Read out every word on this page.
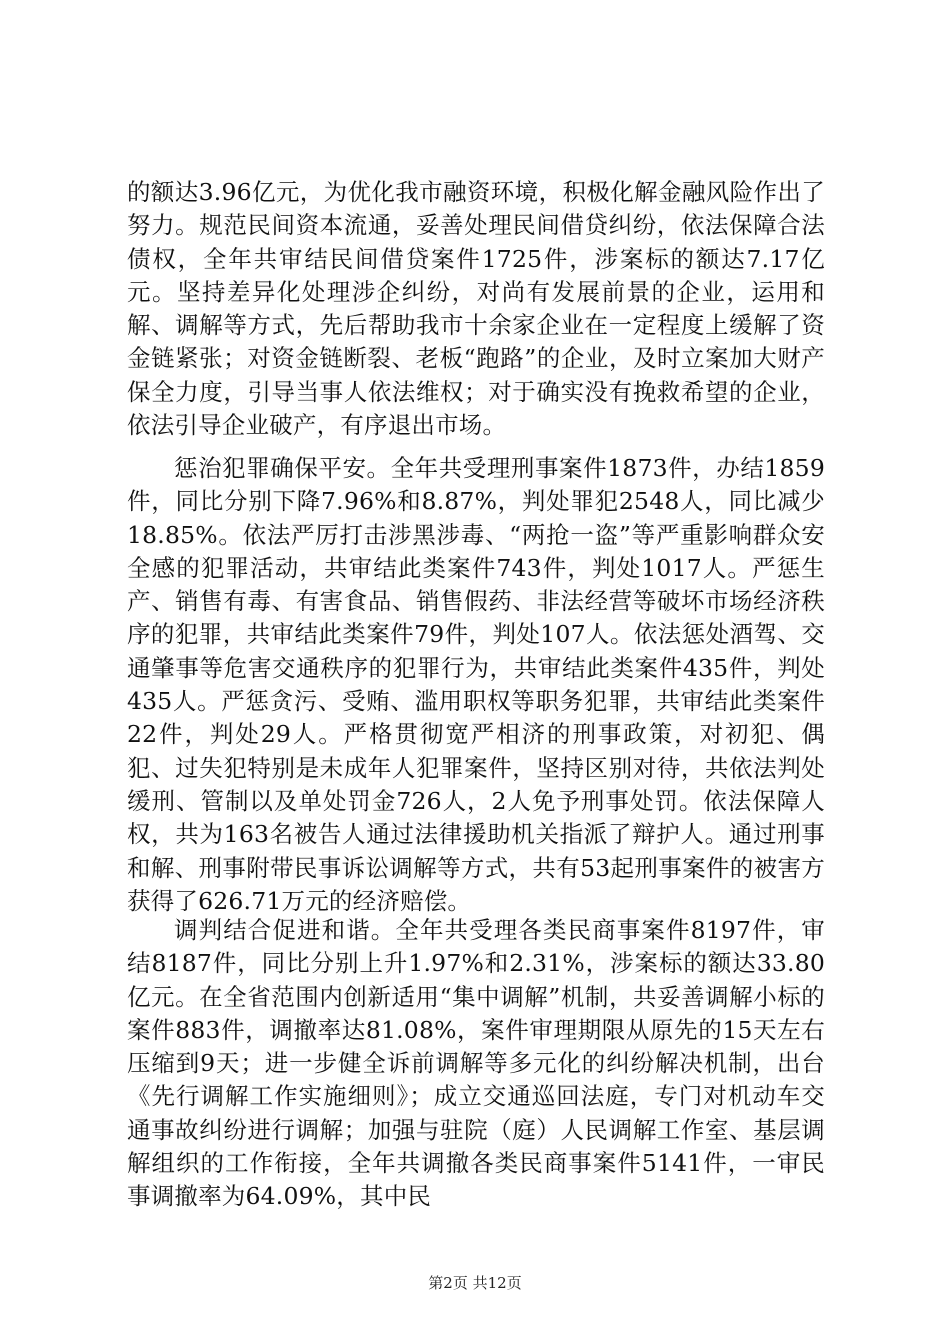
的额达3.96亿元，为优化我市融资环境，积极化解金融风险作出了努力。规范民间资本流通，妥善处理民间借贷纠纷，依法保障合法债权，全年共审结民间借贷案件1725件，涉案标的额达7.17亿元。坚持差异化处理涉企纠纷，对尚有发展前景的企业，运用和解、调解等方式，先后帮助我市十余家企业在一定程度上缓解了资金链紧张；对资金链断裂、老板“跑路”的企业，及时立案加大财产保全力度，引导当事人依法维权；对于确实没有挽救希望的企业，依法引导企业破产，有序退出市场。

惩治犯罪确保平安。全年共受理刑事案件1873件，办结1859件，同比分别下降7.96%和8.87%，判处罪犯2548人，同比减少18.85%。依法严厉打击涉黑涉毒、“两抢一盗”等严重影响群众安全感的犯罪活动，共审结此类案件743件，判处1017人。严惩生产、销售有毒、有害食品、销售假药、非法经营等破坏市场经济秩序的犯罪，共审结此类案件79件，判处107人。依法惩处酒驾、交通肇事等危害交通秩序的犯罪行为，共审结此类案件435件，判处435人。严惩贪污、受贿、滥用职权等职务犯罪，共审结此类案件22件，判处29人。严格贯彻宽严相济的刑事政策，对初犯、偶犯、过失犯特别是未成年人犯罪案件，坚持区别对待，共依法判处缓刑、管制以及单处罚金726人，2人免予刑事处罚。依法保障人权，共为163名被告人通过法律援助机关指派了辩护人。通过刑事和解、刑事附带民事诉讼调解等方式，共有53起刑事案件的被害方获得了626.71万元的经济赔偿。

调判结合促进和谐。全年共受理各类民商事案件8197件，审结8187件，同比分别上升1.97%和2.31%，涉案标的额达33.80亿元。在全省范围内创新适用“集中调解”机制，共妥善调解小标的案件883件，调撤率达81.08%，案件审理期限从原先的15天左右压缩到9天；进一步健全诉前调解等多元化的纠纷解决机制，出台《先行调解工作实施细则》；成立交通巡回法庭，专门对机动车交通事故纠纷进行调解；加强与驻院（庭）人民调解工作室、基层调解组织的工作衔接，全年共调撤各类民商事案件5141件，一审民事调撤率为64.09%，其中民

第2页 共12页
